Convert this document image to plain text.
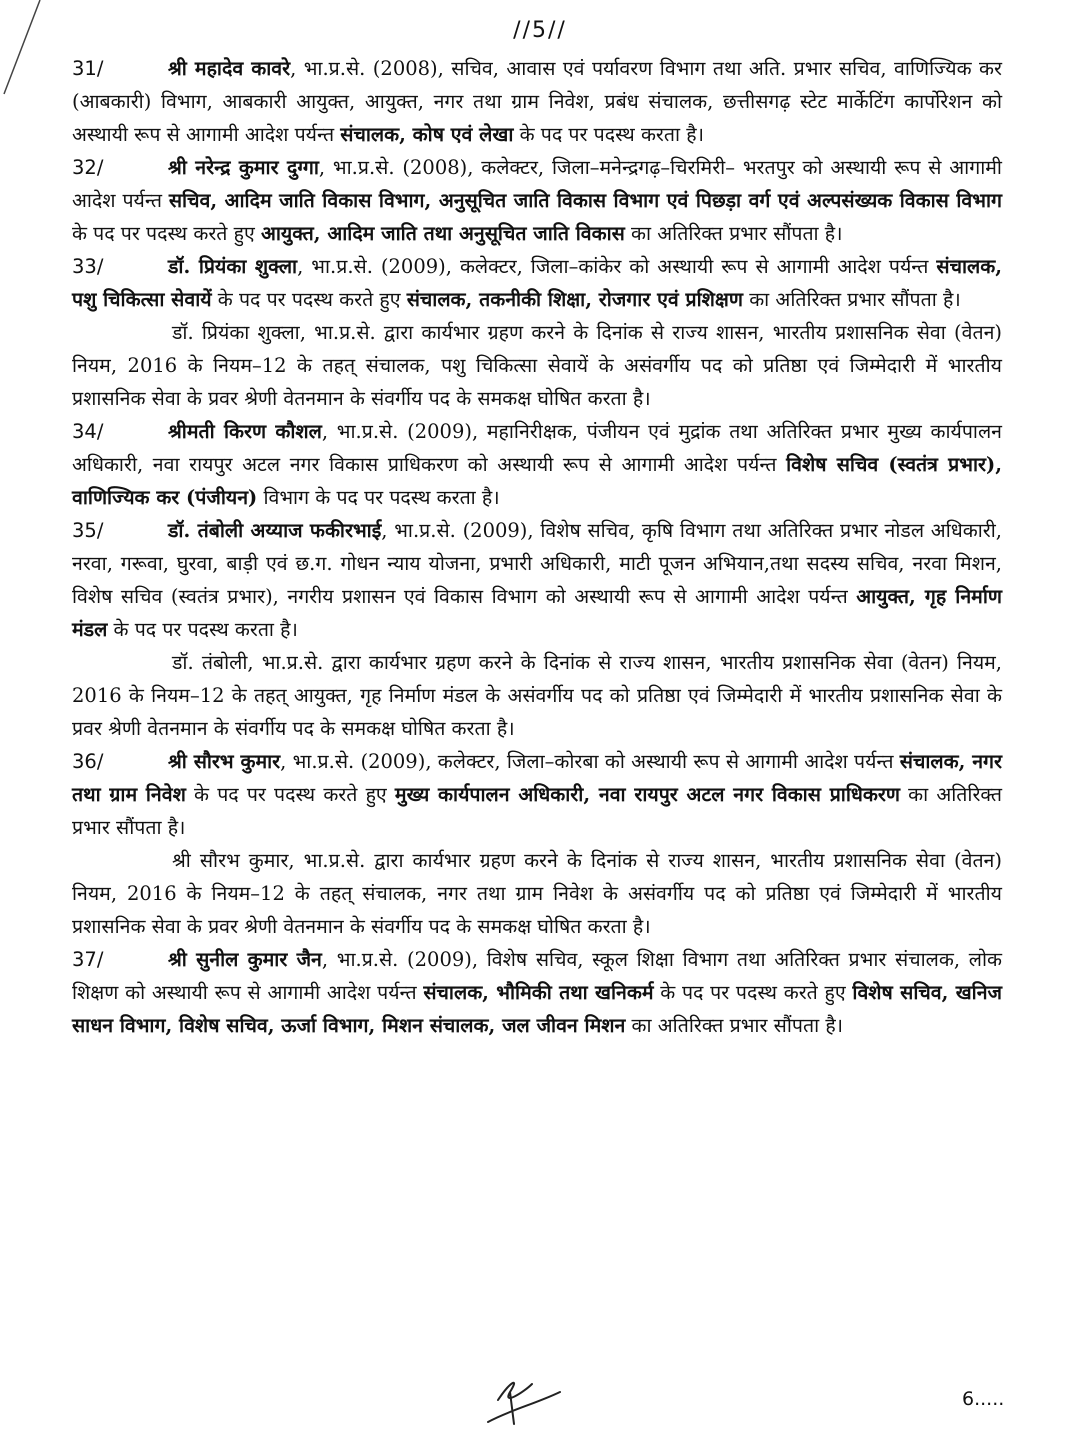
//5//

31/	श्री महादेव कावरे, भा.प्र.से. (2008), सचिव, आवास एवं पर्यावरण विभाग तथा अति. प्रभार सचिव, वाणिज्यिक कर (आबकारी) विभाग, आबकारी आयुक्त, आयुक्त, नगर तथा ग्राम निवेश, प्रबंध संचालक, छत्तीसगढ़ स्टेट मार्केटिंग कार्पोरेशन को अस्थायी रूप से आगामी आदेश पर्यन्त संचालक, कोष एवं लेखा के पद पर पदस्थ करता है।

32/	श्री नरेन्द्र कुमार दुग्गा, भा.प्र.से. (2008), कलेक्टर, जिला–मनेन्द्रगढ़–चिरमिरी– भरतपुर को अस्थायी रूप से आगामी आदेश पर्यन्त सचिव, आदिम जाति विकास विभाग, अनुसूचित जाति विकास विभाग एवं पिछड़ा वर्ग एवं अल्पसंख्यक विकास विभाग के पद पर पदस्थ करते हुए आयुक्त, आदिम जाति तथा अनुसूचित जाति विकास का अतिरिक्त प्रभार सौंपता है।

33/	डॉ. प्रियंका शुक्ला, भा.प्र.से. (2009), कलेक्टर, जिला–कांकेर को अस्थायी रूप से आगामी आदेश पर्यन्त संचालक, पशु चिकित्सा सेवायें के पद पर पदस्थ करते हुए संचालक, तकनीकी शिक्षा, रोजगार एवं प्रशिक्षण का अतिरिक्त प्रभार सौंपता है।

डॉ. प्रियंका शुक्ला, भा.प्र.से. द्वारा कार्यभार ग्रहण करने के दिनांक से राज्य शासन, भारतीय प्रशासनिक सेवा (वेतन) नियम, 2016 के नियम–12 के तहत् संचालक, पशु चिकित्सा सेवायें के असंवर्गीय पद को प्रतिष्ठा एवं जिम्मेदारी में भारतीय प्रशासनिक सेवा के प्रवर श्रेणी वेतनमान के संवर्गीय पद के समकक्ष घोषित करता है।

34/	श्रीमती किरण कौशल, भा.प्र.से. (2009), महानिरीक्षक, पंजीयन एवं मुद्रांक तथा अतिरिक्त प्रभार मुख्य कार्यपालन अधिकारी, नवा रायपुर अटल नगर विकास प्राधिकरण को अस्थायी रूप से आगामी आदेश पर्यन्त विशेष सचिव (स्वतंत्र प्रभार), वाणिज्यिक कर (पंजीयन) विभाग के पद पर पदस्थ करता है।

35/	डॉ. तंबोली अय्याज फकीरभाई, भा.प्र.से. (2009), विशेष सचिव, कृषि विभाग तथा अतिरिक्त प्रभार नोडल अधिकारी, नरवा, गरूवा, घुरवा, बाड़ी एवं छ.ग. गोधन न्याय योजना, प्रभारी अधिकारी, माटी पूजन अभियान,तथा सदस्य सचिव, नरवा मिशन, विशेष सचिव (स्वतंत्र प्रभार), नगरीय प्रशासन एवं विकास विभाग को अस्थायी रूप से आगामी आदेश पर्यन्त आयुक्त, गृह निर्माण मंडल के पद पर पदस्थ करता है।

डॉ. तंबोली, भा.प्र.से. द्वारा कार्यभार ग्रहण करने के दिनांक से राज्य शासन, भारतीय प्रशासनिक सेवा (वेतन) नियम, 2016 के नियम–12 के तहत् आयुक्त, गृह निर्माण मंडल के असंवर्गीय पद को प्रतिष्ठा एवं जिम्मेदारी में भारतीय प्रशासनिक सेवा के प्रवर श्रेणी वेतनमान के संवर्गीय पद के समकक्ष घोषित करता है।

36/	श्री सौरभ कुमार, भा.प्र.से. (2009), कलेक्टर, जिला–कोरबा को अस्थायी रूप से आगामी आदेश पर्यन्त संचालक, नगर तथा ग्राम निवेश के पद पर पदस्थ करते हुए मुख्य कार्यपालन अधिकारी, नवा रायपुर अटल नगर विकास प्राधिकरण का अतिरिक्त प्रभार सौंपता है।

श्री सौरभ कुमार, भा.प्र.से. द्वारा कार्यभार ग्रहण करने के दिनांक से राज्य शासन, भारतीय प्रशासनिक सेवा (वेतन) नियम, 2016 के नियम–12 के तहत् संचालक, नगर तथा ग्राम निवेश के असंवर्गीय पद को प्रतिष्ठा एवं जिम्मेदारी में भारतीय प्रशासनिक सेवा के प्रवर श्रेणी वेतनमान के संवर्गीय पद के समकक्ष घोषित करता है।

37/	श्री सुनील कुमार जैन, भा.प्र.से. (2009), विशेष सचिव, स्कूल शिक्षा विभाग तथा अतिरिक्त प्रभार संचालक, लोक शिक्षण को अस्थायी रूप से आगामी आदेश पर्यन्त संचालक, भौमिकी तथा खनिकर्म के पद पर पदस्थ करते हुए विशेष सचिव, खनिज साधन विभाग, विशेष सचिव, ऊर्जा विभाग, मिशन संचालक, जल जीवन मिशन का अतिरिक्त प्रभार सौंपता है।

6.....
